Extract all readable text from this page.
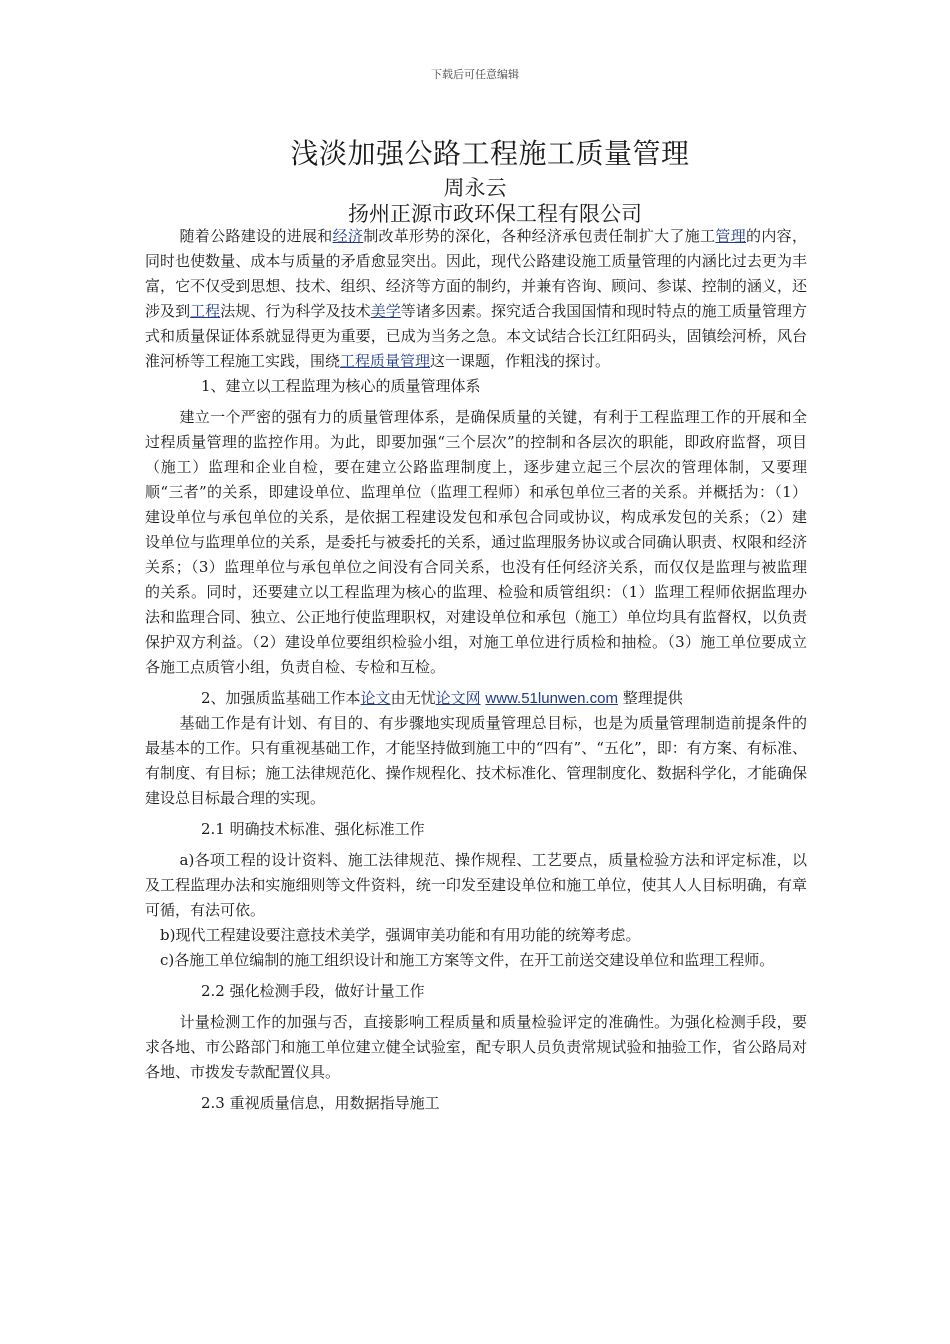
下载后可任意编辑
浅淡加强公路工程施工质量管理
周永云
扬州正源市政环保工程有限公司

随着公路建设的进展和经济制改革形势的深化，各种经济承包责任制扩大了施工管理的内容，同时也使数量、成本与质量的矛盾愈显突出。因此，现代公路建设施工质量管理的内涵比过去更为丰富，它不仅受到思想、技术、组织、经济等方面的制约，并兼有咨询、顾问、参谋、控制的涵义，还涉及到工程法规、行为科学及技术美学等诸多因素。探究适合我国国情和现时特点的施工质量管理方式和质量保证体系就显得更为重要，已成为当务之急。本文试结合长江红阳码头，固镇绘河桥，风台淮河桥等工程施工实践，围绕工程质量管理这一课题，作粗浅的探讨。

1、建立以工程监理为核心的质量管理体系

建立一个严密的强有力的质量管理体系，是确保质量的关键，有利于工程监理工作的开展和全过程质量管理的监控作用。为此，即要加强“三个层次”的控制和各层次的职能，即政府监督，项目（施工）监理和企业自检，要在建立公路监理制度上，逐步建立起三个层次的管理体制，又要理顺“三者”的关系，即建设单位、监理单位（监理工程师）和承包单位三者的关系。并概括为：（1）建设单位与承包单位的关系，是依据工程建设发包和承包合同或协议，构成承发包的关系；（2）建设单位与监理单位的关系，是委托与被委托的关系，通过监理服务协议或合同确认职责、权限和经济关系；（3）监理单位与承包单位之间没有合同关系，也没有任何经济关系，而仅仅是监理与被监理的关系。同时，还要建立以工程监理为核心的监理、检验和质管组织：（1）监理工程师依据监理办法和监理合同、独立、公正地行使监理职权，对建设单位和承包（施工）单位均具有监督权，以负责保护双方利益。（2）建设单位要组织检验小组，对施工单位进行质检和抽检。（3）施工单位要成立各施工点质管小组，负责自检、专检和互检。

2、加强质监基础工作本论文由无忧论文网 www.51lunwen.com 整理提供

基础工作是有计划、有目的、有步骤地实现质量管理总目标，也是为质量管理制造前提条件的最基本的工作。只有重视基础工作，才能坚持做到施工中的“四有”、“五化”，即：有方案、有标准、有制度、有目标；施工法律规范化、操作规程化、技术标准化、管理制度化、数据科学化，才能确保建设总目标最合理的实现。

2.1 明确技术标准、强化标准工作

a)各项工程的设计资料、施工法律规范、操作规程、工艺要点，质量检验方法和评定标准，以及工程监理办法和实施细则等文件资料，统一印发至建设单位和施工单位，使其人人目标明确，有章可循，有法可依。

b)现代工程建设要注意技术美学，强调审美功能和有用功能的统筹考虑。

c)各施工单位编制的施工组织设计和施工方案等文件，在开工前送交建设单位和监理工程师。

2.2 强化检测手段，做好计量工作

计量检测工作的加强与否，直接影响工程质量和质量检验评定的准确性。为强化检测手段，要求各地、市公路部门和施工单位建立健全试验室，配专职人员负责常规试验和抽验工作，省公路局对各地、市拨发专款配置仪具。

2.3 重视质量信息，用数据指导施工
